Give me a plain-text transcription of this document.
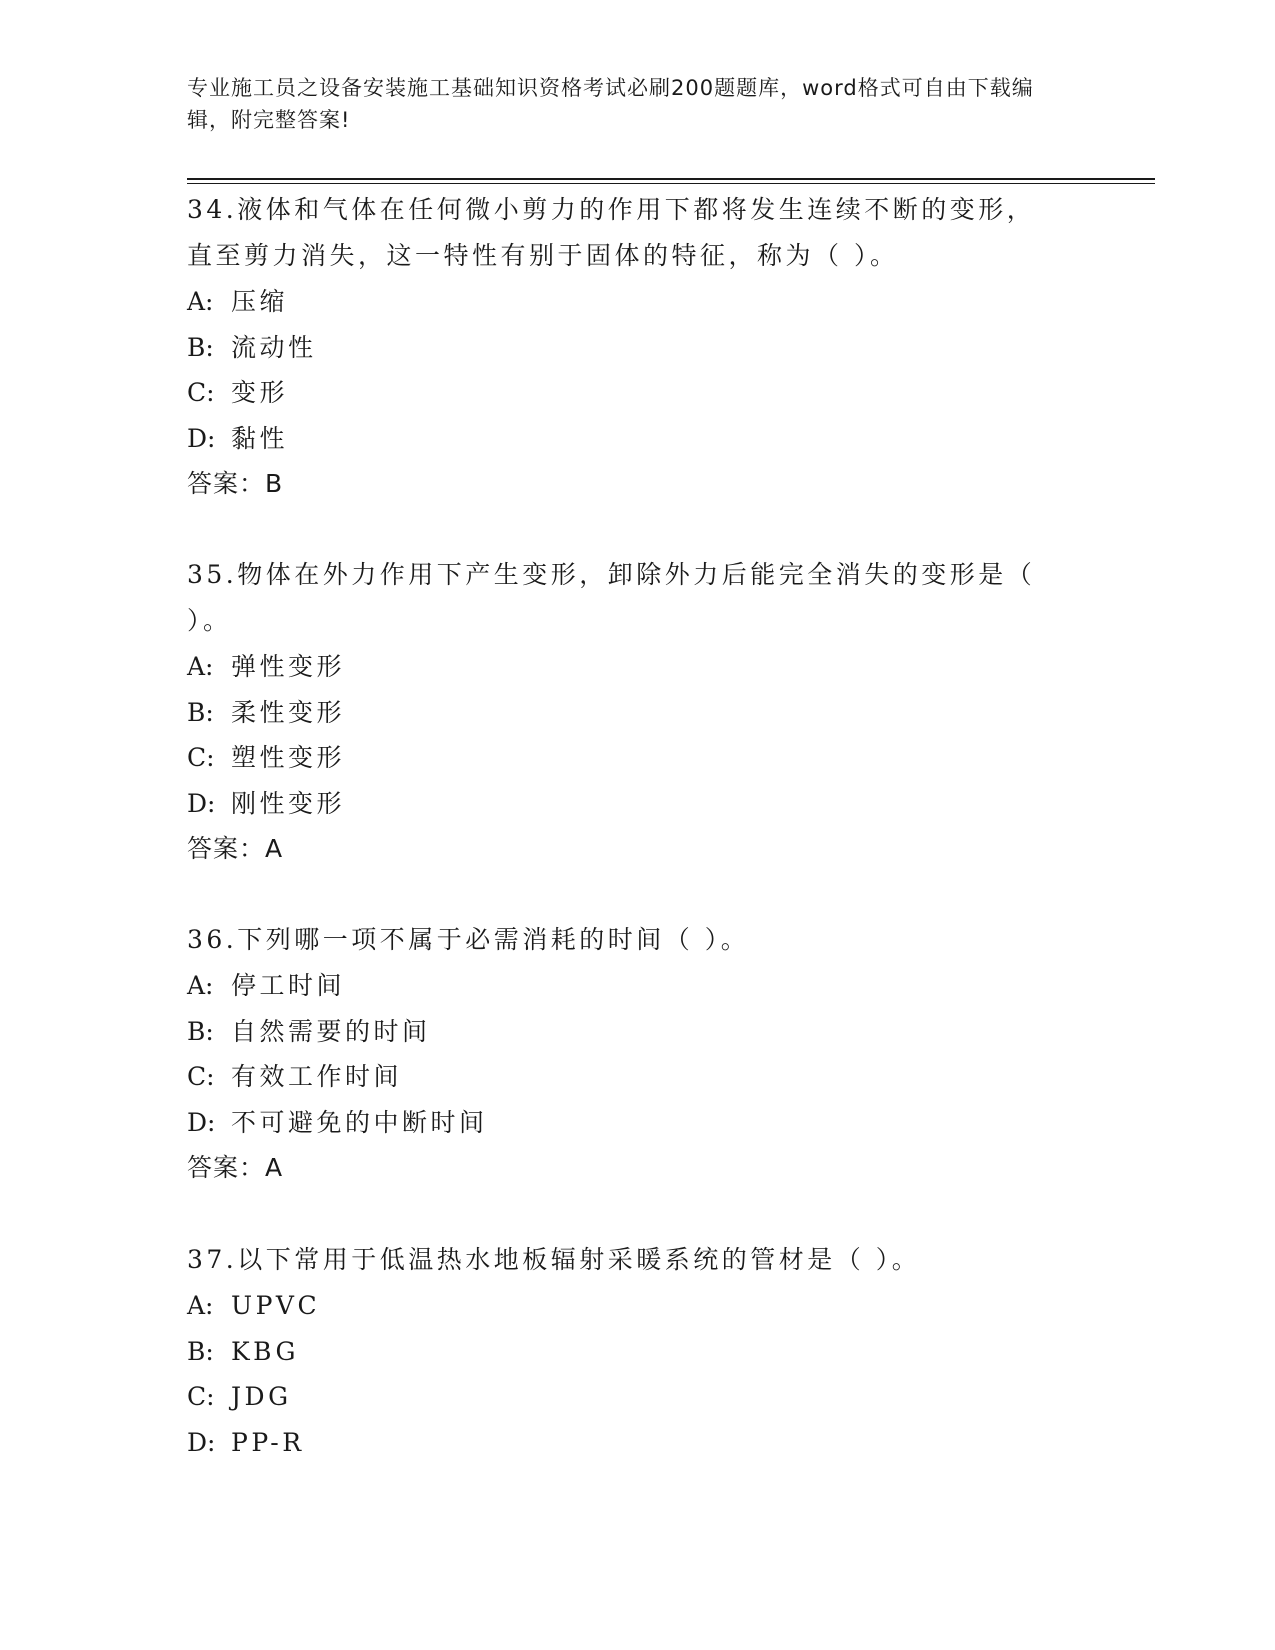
专业施工员之设备安装施工基础知识资格考试必刷200题题库，word格式可自由下载编辑，附完整答案!

34.液体和气体在任何微小剪力的作用下都将发生连续不断的变形，直至剪力消失，这一特性有别于固体的特征，称为（ ）。

A: 压缩

B: 流动性

C: 变形

D: 黏性

答案：B

35.物体在外力作用下产生变形，卸除外力后能完全消失的变形是（ ）。

A: 弹性变形

B: 柔性变形

C: 塑性变形

D: 刚性变形

答案：A

36.下列哪一项不属于必需消耗的时间（ ）。

A: 停工时间

B: 自然需要的时间

C: 有效工作时间

D: 不可避免的中断时间

答案：A

37.以下常用于低温热水地板辐射采暖系统的管材是（ ）。

A: UPVC

B: KBG

C: JDG

D: PP-R
